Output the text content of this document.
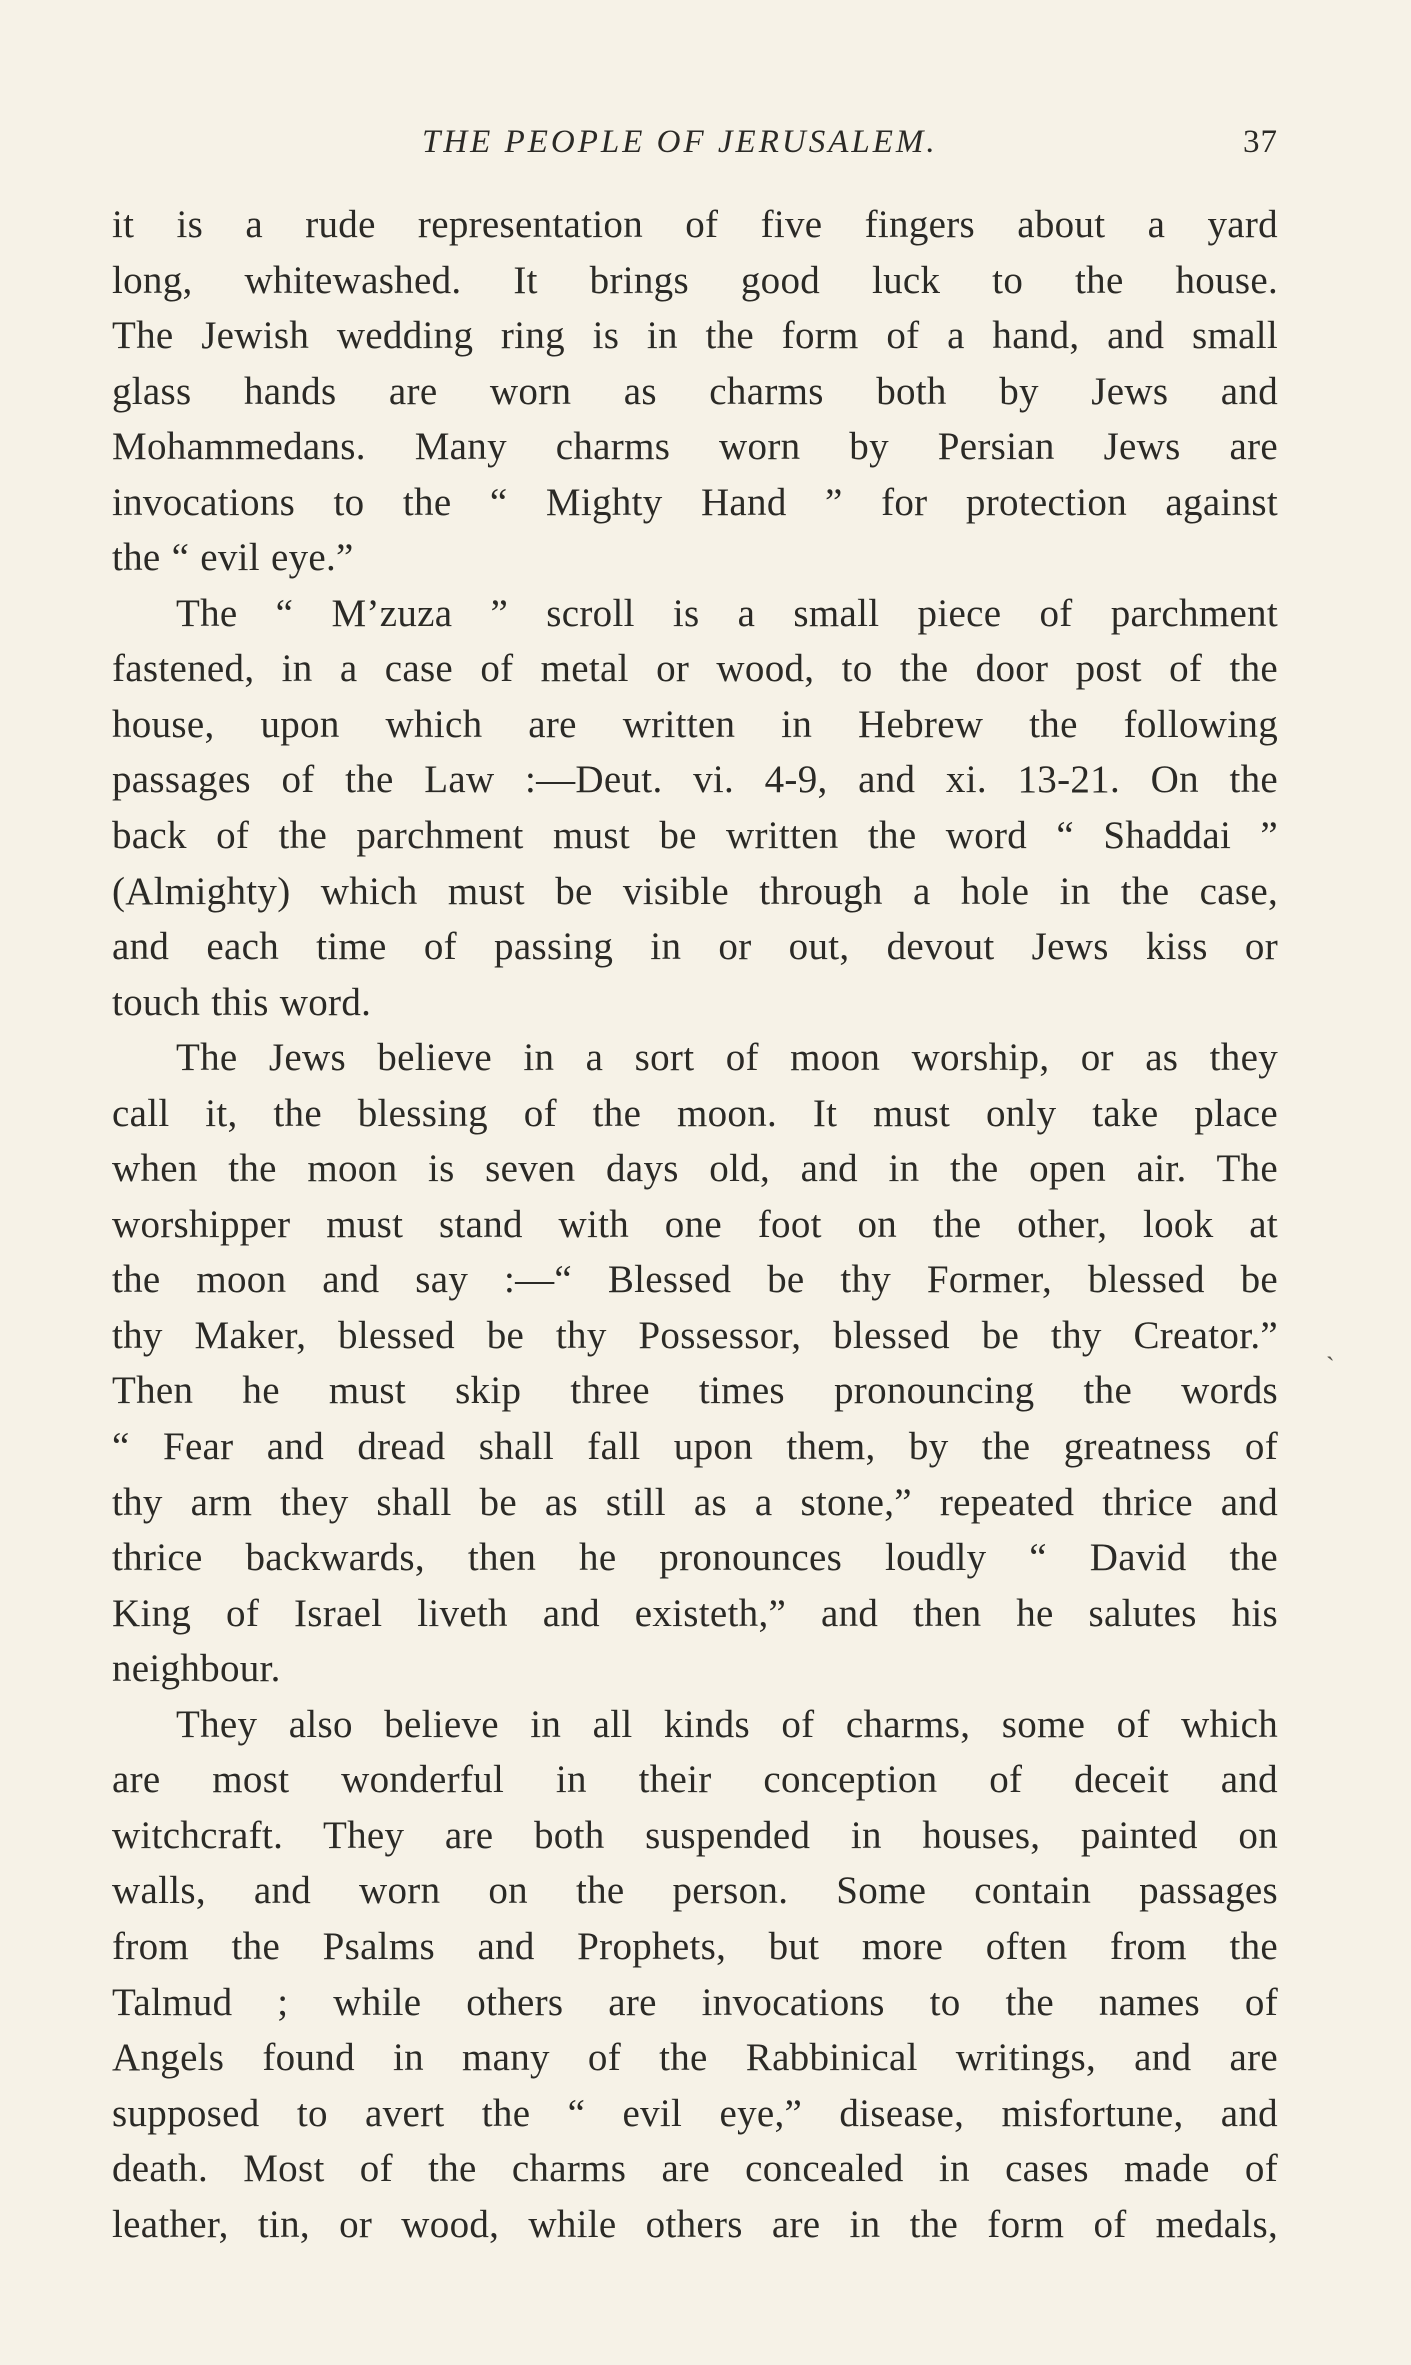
THE PEOPLE OF JERUSALEM.	37
it is a rude representation of five fingers about a yard
long, whitewashed. It brings good luck to the house.
The Jewish wedding ring is in the form of a hand, and small
glass hands are worn as charms both by Jews and
Mohammedans. Many charms worn by Persian Jews are
invocations to the “ Mighty Hand ” for protection against
the “ evil eye.”
The “ M’zuza ” scroll is a small piece of parchment
fastened, in a case of metal or wood, to the door post of the
house, upon which are written in Hebrew the following
passages of the Law :—Deut. vi. 4-9, and xi. 13-21. On the
back of the parchment must be written the word “ Shaddai ”
(Almighty) which must be visible through a hole in the case,
and each time of passing in or out, devout Jews kiss or
touch this word.
The Jews believe in a sort of moon worship, or as they
call it, the blessing of the moon. It must only take place
when the moon is seven days old, and in the open air. The
worshipper must stand with one foot on the other, look at
the moon and say :—“ Blessed be thy Former, blessed be
thy Maker, blessed be thy Possessor, blessed be thy Creator.”
Then he must skip three times pronouncing the words
“ Fear and dread shall fall upon them, by the greatness of
thy arm they shall be as still as a stone,” repeated thrice and
thrice backwards, then he pronounces loudly “ David the
King of Israel liveth and existeth,” and then he salutes his
neighbour.
They also believe in all kinds of charms, some of which
are most wonderful in their conception of deceit and
witchcraft. They are both suspended in houses, painted on
walls, and worn on the person. Some contain passages
from the Psalms and Prophets, but more often from the
Talmud ; while others are invocations to the names of
Angels found in many of the Rabbinical writings, and are
supposed to avert the “ evil eye,” disease, misfortune, and
death. Most of the charms are concealed in cases made of
leather, tin, or wood, while others are in the form of medals,
˴
